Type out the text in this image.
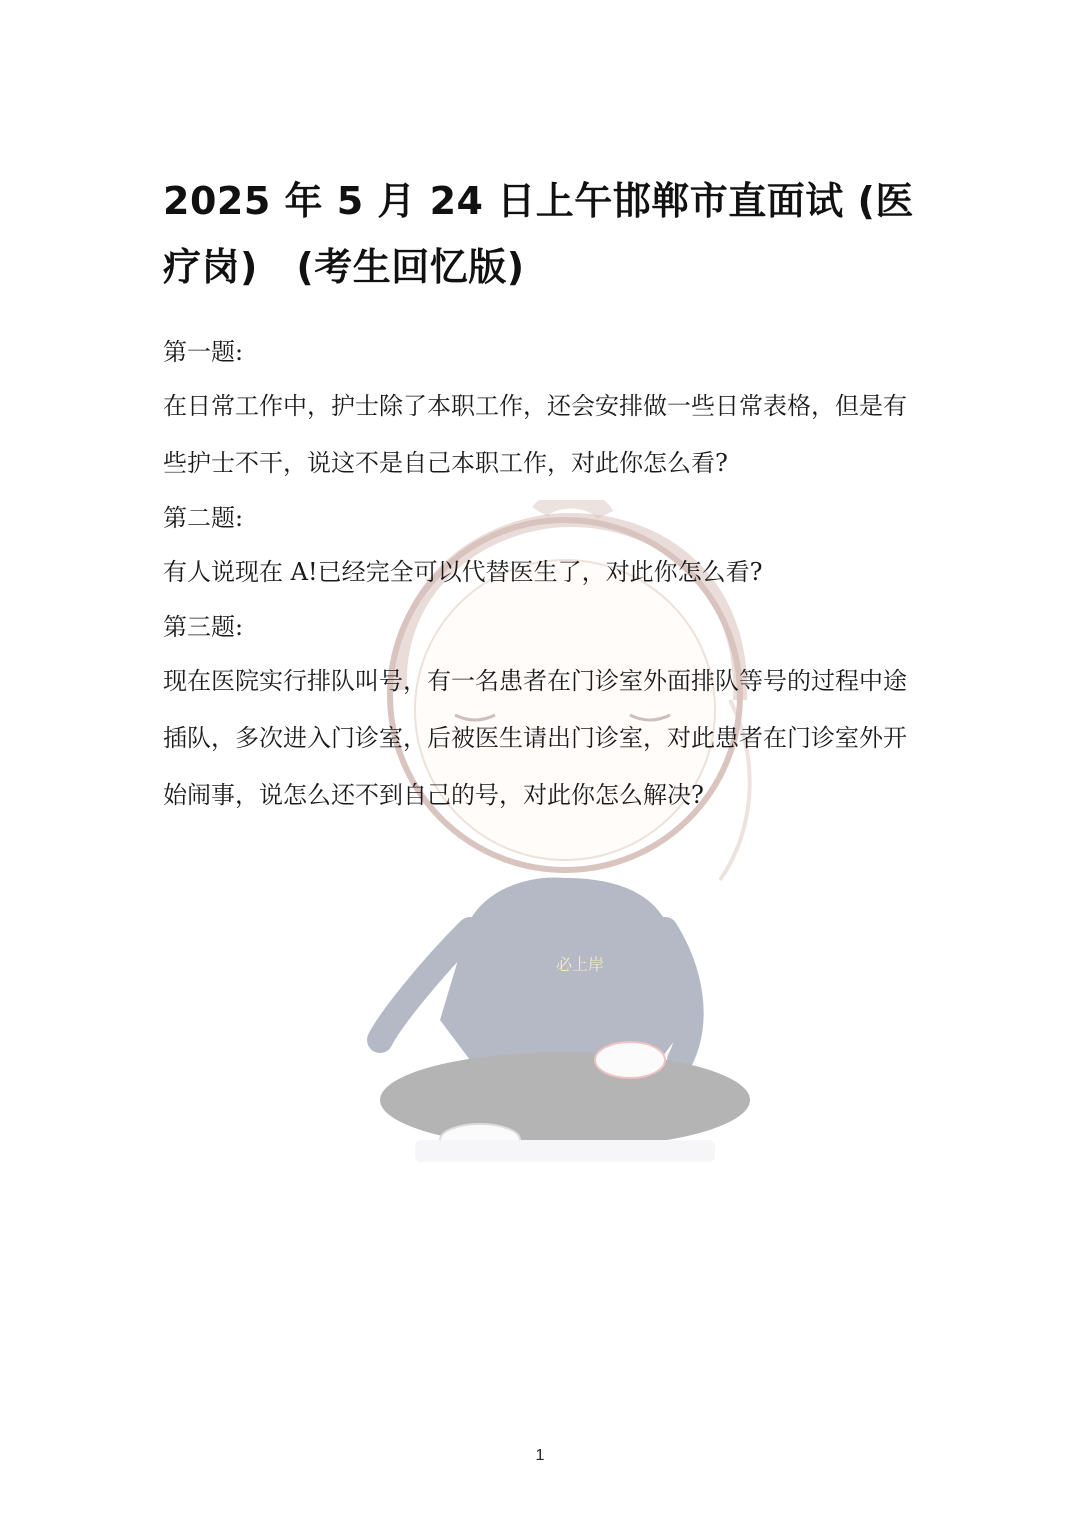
必上岸
2025 年 5 月 24 日上午邯郸市直面试 (医疗岗)　(考生回忆版)

第一题:

在日常工作中，护士除了本职工作，还会安排做一些日常表格，但是有些护士不干，说这不是自己本职工作，对此你怎么看?

第二题:

有人说现在 A!已经完全可以代替医生了，对此你怎么看?

第三题:

现在医院实行排队叫号，有一名患者在门诊室外面排队等号的过程中途插队，多次进入门诊室，后被医生请出门诊室，对此患者在门诊室外开始闹事，说怎么还不到自己的号，对此你怎么解决?

1
